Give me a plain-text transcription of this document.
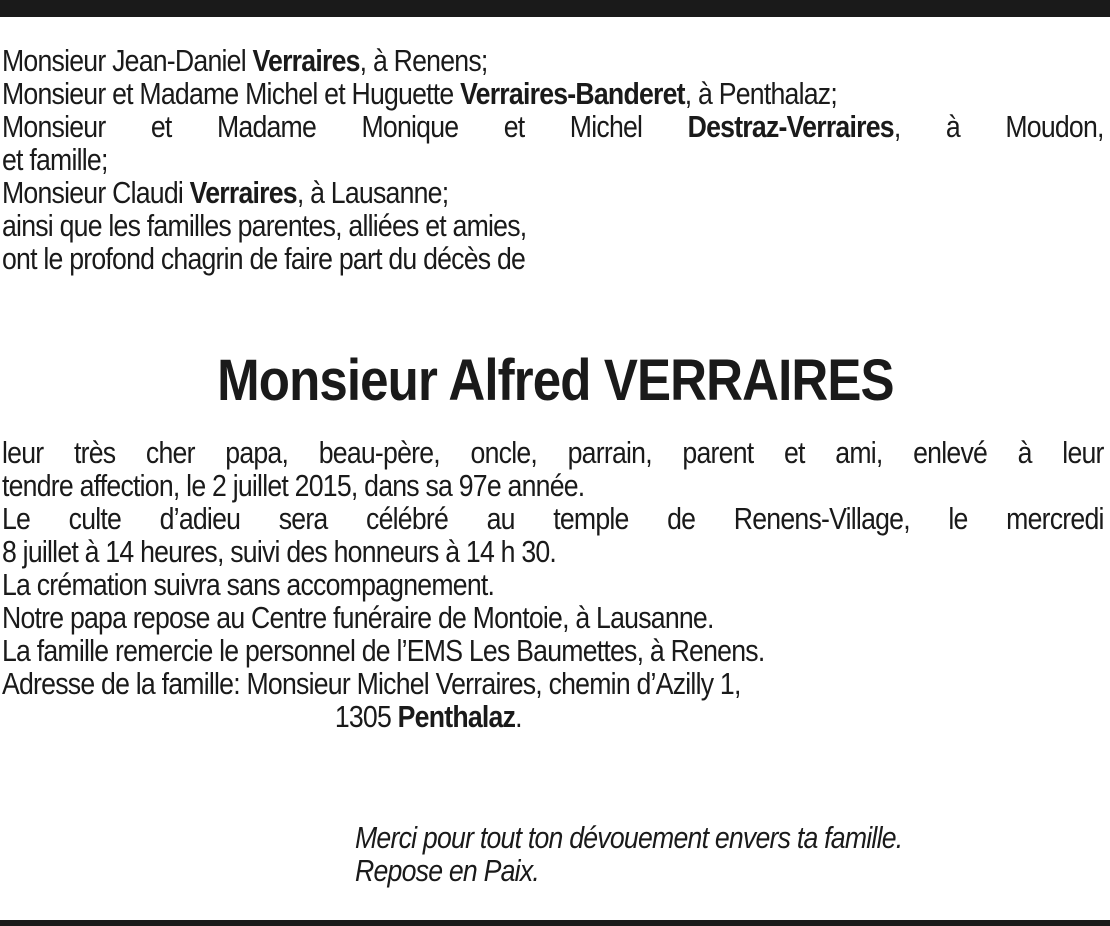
Monsieur Jean-Daniel Verraires, à Renens;
Monsieur et Madame Michel et Huguette Verraires-Banderet, à Penthalaz;
Monsieur et Madame Monique et Michel Destraz-Verraires, à Moudon,
et famille;
Monsieur Claudi Verraires, à Lausanne;
ainsi que les familles parentes, alliées et amies,
ont le profond chagrin de faire part du décès de
Monsieur Alfred VERRAIRES
leur très cher papa, beau-père, oncle, parrain, parent et ami, enlevé à leur
tendre affection, le 2 juillet 2015, dans sa 97e année.
Le culte d’adieu sera célébré au temple de Renens-Village, le mercredi
8 juillet à 14 heures, suivi des honneurs à 14 h 30.
La crémation suivra sans accompagnement.
Notre papa repose au Centre funéraire de Montoie, à Lausanne.
La famille remercie le personnel de l’EMS Les Baumettes, à Renens.
Adresse de la famille: Monsieur Michel Verraires, chemin d’Azilly 1,
1305 Penthalaz.
Merci pour tout ton dévouement envers ta famille.
Repose en Paix.
